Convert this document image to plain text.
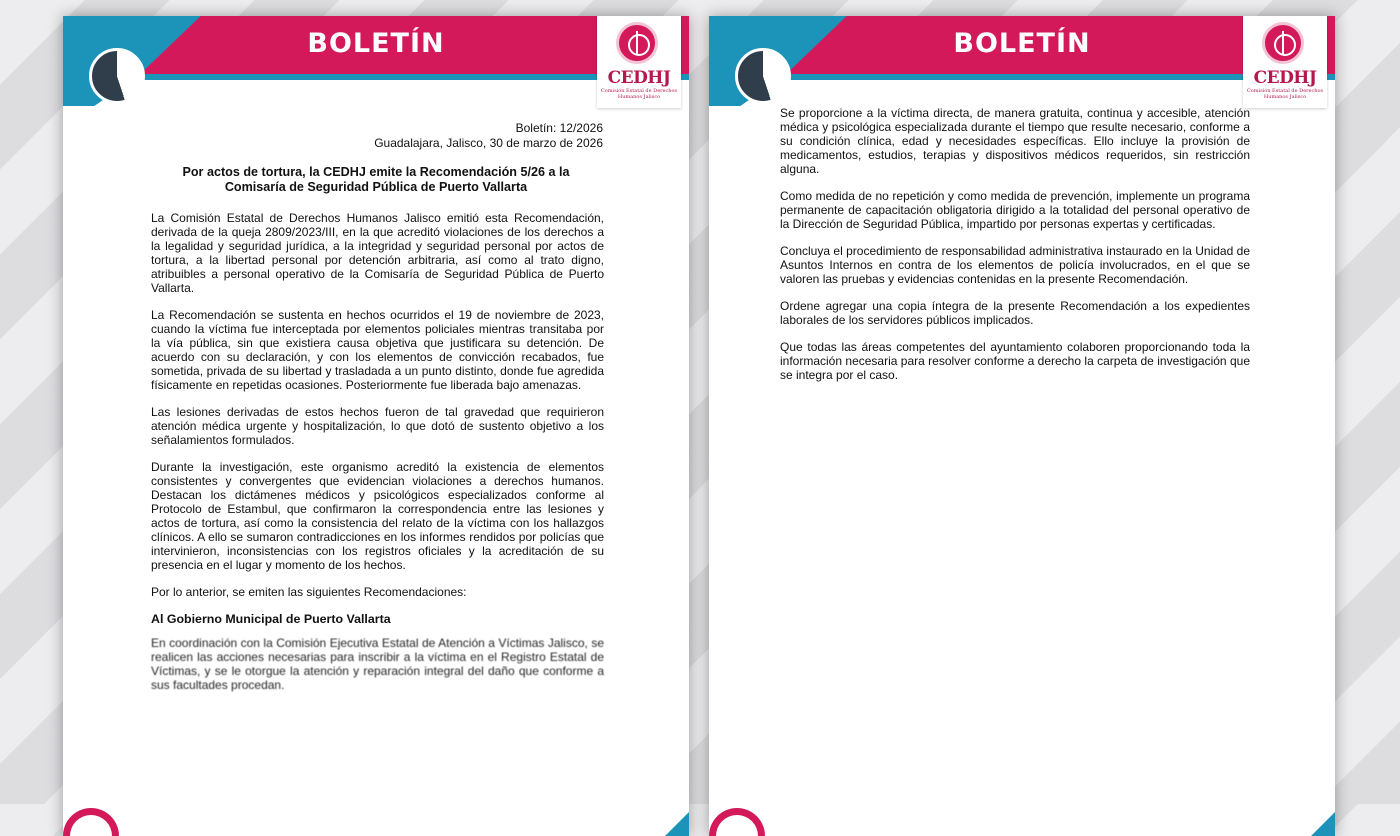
BOLETÍN
CEDHJ
Comisión Estatal de Derechos Humanos Jalisco
Boletín: 12/2026
Guadalajara, Jalisco, 30 de marzo de 2026
Por actos de tortura, la CEDHJ emite la Recomendación 5/26 a la Comisaría de Seguridad Pública de Puerto Vallarta

La Comisión Estatal de Derechos Humanos Jalisco emitió esta Recomendación, derivada de la queja 2809/2023/III, en la que acreditó violaciones de los derechos a la legalidad y seguridad jurídica, a la integridad y seguridad personal por actos de tortura, a la libertad personal por detención arbitraria, así como al trato digno, atribuibles a personal operativo de la Comisaría de Seguridad Pública de Puerto Vallarta.

La Recomendación se sustenta en hechos ocurridos el 19 de noviembre de 2023, cuando la víctima fue interceptada por elementos policiales mientras transitaba por la vía pública, sin que existiera causa objetiva que justificara su detención. De acuerdo con su declaración, y con los elementos de convicción recabados, fue sometida, privada de su libertad y trasladada a un punto distinto, donde fue agredida físicamente en repetidas ocasiones. Posteriormente fue liberada bajo amenazas.

Las lesiones derivadas de estos hechos fueron de tal gravedad que requirieron atención médica urgente y hospitalización, lo que dotó de sustento objetivo a los señalamientos formulados.

Durante la investigación, este organismo acreditó la existencia de elementos consistentes y convergentes que evidencian violaciones a derechos humanos. Destacan los dictámenes médicos y psicológicos especializados conforme al Protocolo de Estambul, que confirmaron la correspondencia entre las lesiones y actos de tortura, así como la consistencia del relato de la víctima con los hallazgos clínicos. A ello se sumaron contradicciones en los informes rendidos por policías que intervinieron, inconsistencias con los registros oficiales y la acreditación de su presencia en el lugar y momento de los hechos.

Por lo anterior, se emiten las siguientes Recomendaciones:

Al Gobierno Municipal de Puerto Vallarta

En coordinación con la Comisión Ejecutiva Estatal de Atención a Víctimas Jalisco, se realicen las acciones necesarias para inscribir a la víctima en el Registro Estatal de Víctimas, y se le otorgue la atención y reparación integral del daño que conforme a sus facultades procedan.

BOLETÍN
CEDHJ
Comisión Estatal de Derechos Humanos Jalisco

Se proporcione a la víctima directa, de manera gratuita, continua y accesible, atención médica y psicológica especializada durante el tiempo que resulte necesario, conforme a su condición clínica, edad y necesidades específicas. Ello incluye la provisión de medicamentos, estudios, terapias y dispositivos médicos requeridos, sin restricción alguna.

Como medida de no repetición y como medida de prevención, implemente un programa permanente de capacitación obligatoria dirigido a la totalidad del personal operativo de la Dirección de Seguridad Pública, impartido por personas expertas y certificadas.

Concluya el procedimiento de responsabilidad administrativa instaurado en la Unidad de Asuntos Internos en contra de los elementos de policía involucrados, en el que se valoren las pruebas y evidencias contenidas en la presente Recomendación.

Ordene agregar una copia íntegra de la presente Recomendación a los expedientes laborales de los servidores públicos implicados.

Que todas las áreas competentes del ayuntamiento colaboren proporcionando toda la información necesaria para resolver conforme a derecho la carpeta de investigación que se integra por el caso.
